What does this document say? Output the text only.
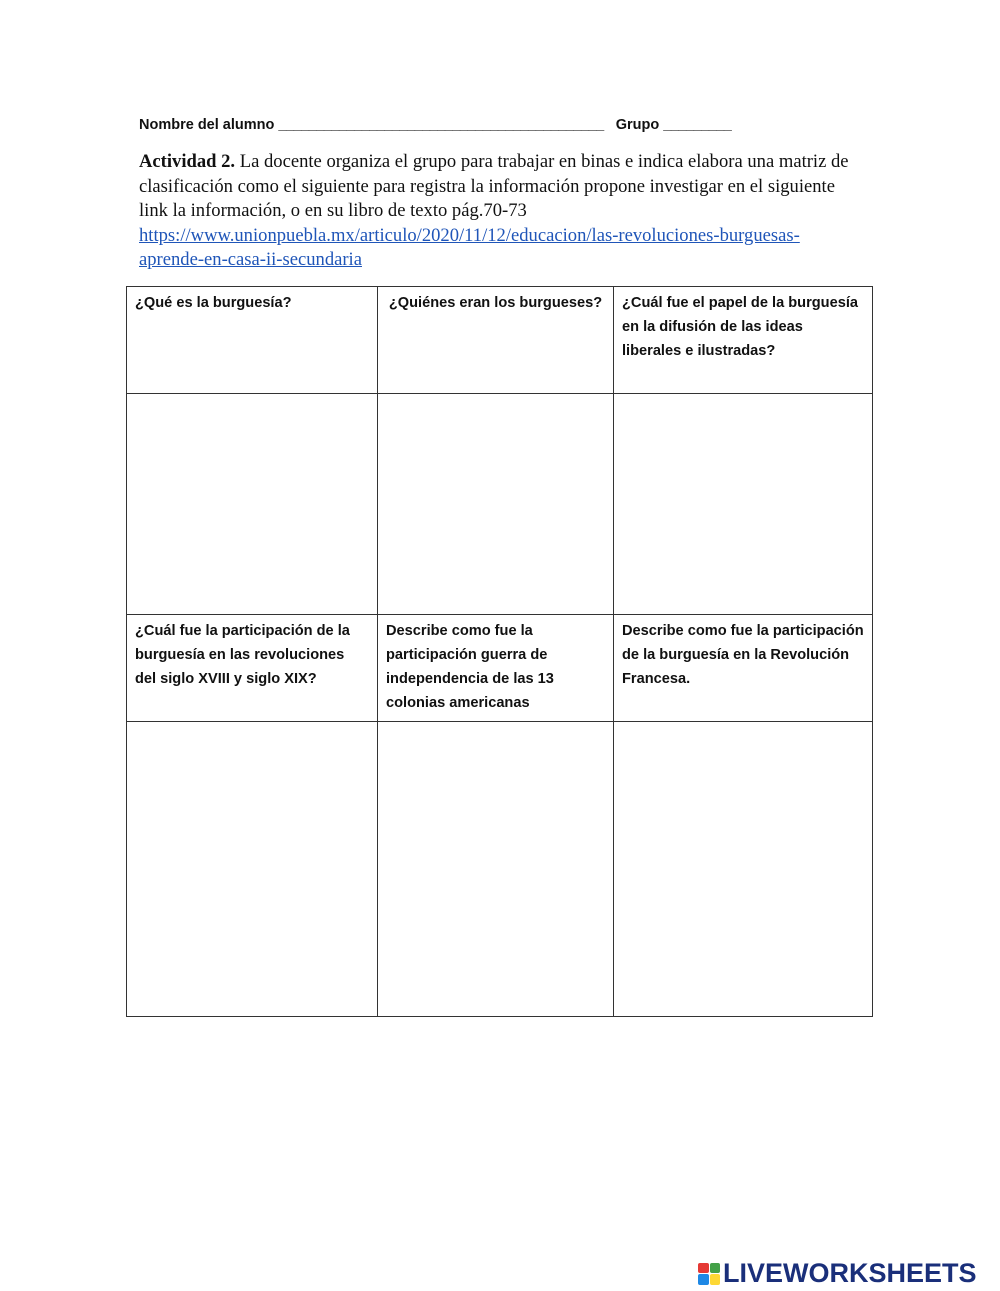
Nombre del alumno ___________________________________________ Grupo _________
Actividad 2. La docente organiza el grupo para trabajar en binas e indica elabora una matriz de clasificación como el siguiente para registra la información propone investigar en el siguiente link la información, o en su libro de texto pág.70-73 https://www.unionpuebla.mx/articulo/2020/11/12/educacion/las-revoluciones-burguesas-aprende-en-casa-ii-secundaria
¿Qué es la burguesía?	¿Quiénes eran los burgueses?	¿Cuál fue el papel de la burguesía en la difusión de las ideas liberales e ilustradas?

¿Cuál fue la participación de la burguesía en las revoluciones del siglo XVIII y siglo XIX?	Describe como fue la participación guerra de independencia de las 13 colonias americanas	Describe como fue la participación de la burguesía en la Revolución Francesa.

LIVEWORKSHEETS
